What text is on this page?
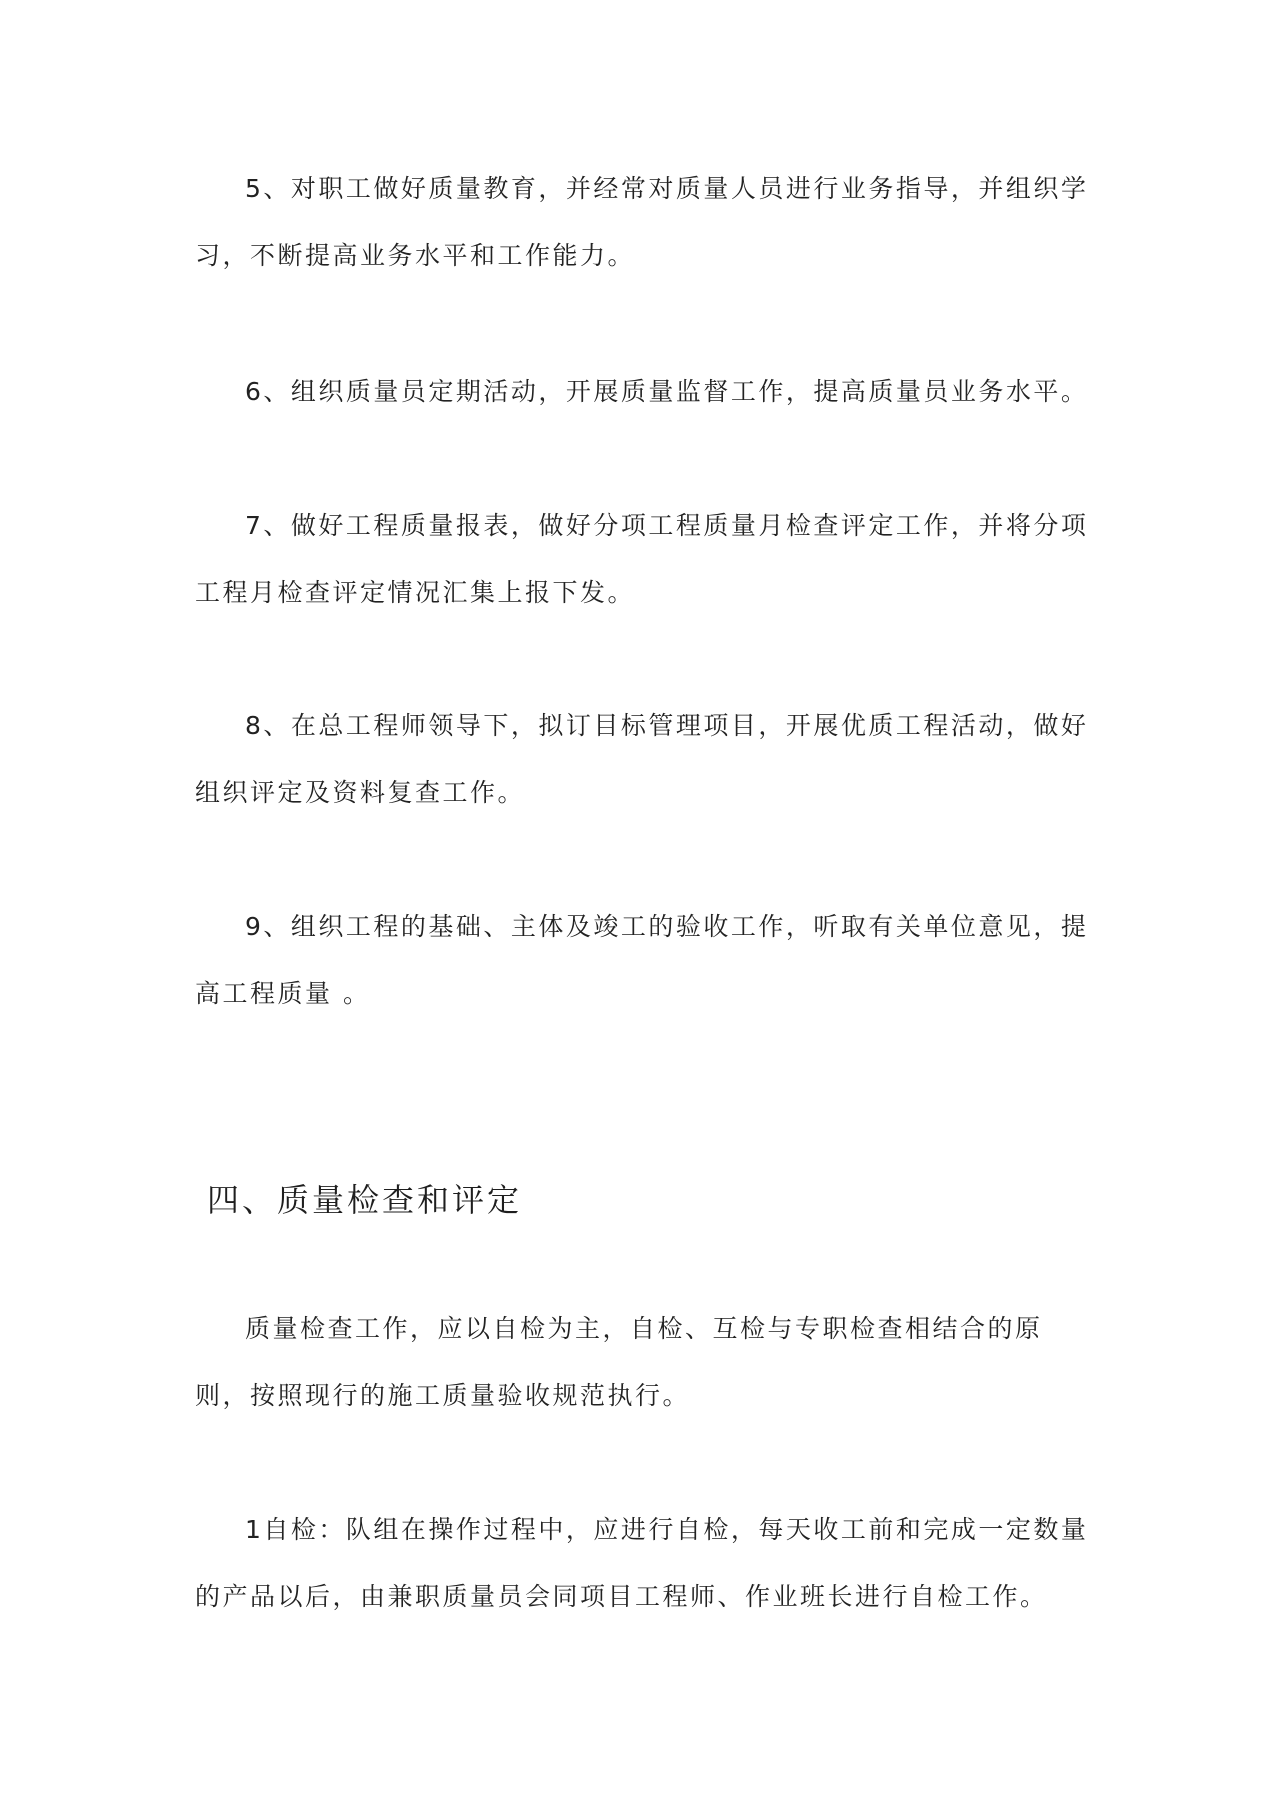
5、对职工做好质量教育，并经常对质量人员进行业务指导，并组织学习，不断提高业务水平和工作能力。

6、组织质量员定期活动，开展质量监督工作，提高质量员业务水平。

7、做好工程质量报表，做好分项工程质量月检查评定工作，并将分项工程月检查评定情况汇集上报下发。

8、在总工程师领导下，拟订目标管理项目，开展优质工程活动，做好组织评定及资料复查工作。

9、组织工程的基础、主体及竣工的验收工作，听取有关单位意见，提高工程质量 。

四、质量检查和评定

质量检查工作，应以自检为主，自检、互检与专职检查相结合的原则，按照现行的施工质量验收规范执行。

1自检：队组在操作过程中，应进行自检，每天收工前和完成一定数量的产品以后，由兼职质量员会同项目工程师、作业班长进行自检工作。
